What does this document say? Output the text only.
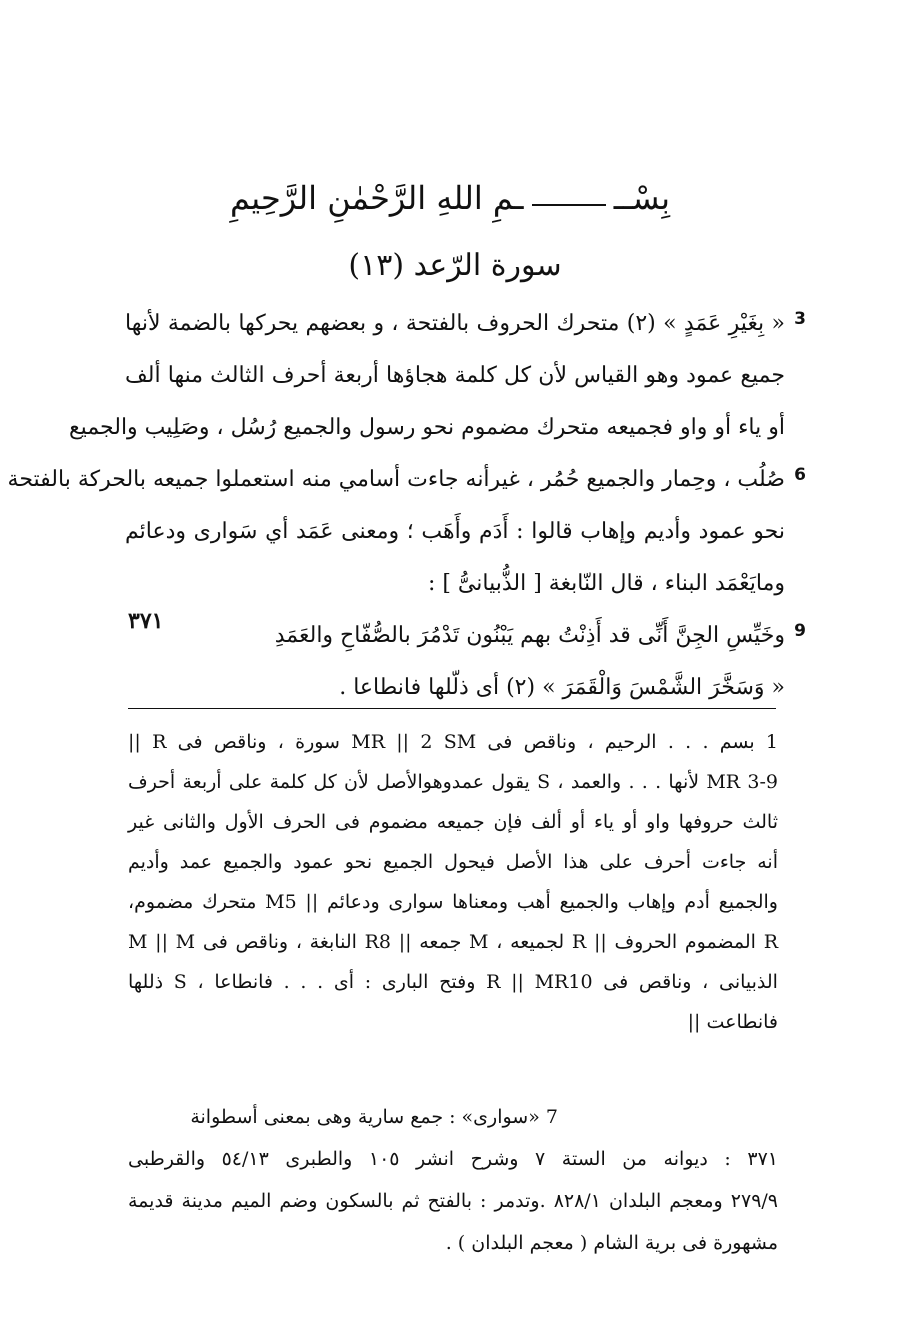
بِسْــ
ـمِ اللهِ الرَّحْمٰنِ الرَّحِيمِ
سورة الرّعد (١٣)
« بِغَيْرِ عَمَدٍ » (٢) متحرك الحروف بالفتحة ، و بعضهم يحركها بالضمة لأنها
جميع عمود وهو القياس لأن كل كلمة هجاؤها أربعة أحرف الثالث منها ألف
أو ياء أو واو فجميعه متحرك مضموم نحو رسول والجميع رُسُل ، وصَلِيب والجميع
صُلُب ، وحِمار والجميع حُمُر ، غيرأنه جاءت أسامي منه استعملوا جميعه بالحركة بالفتحة
نحو عمود وأديم وإهاب قالوا : أَدَم وأَهَب ؛ ومعنى عَمَد أي سَوارى ودعائم
ومايَعْمَد البناء ، قال النّابغة [ الذُّبيانىُّ ] :
وخَيِّسِ الجِنَّ أَنِّى قد أَذِنْتُ بهم يَبْنُون تَدْمُرَ بالصُّفّاحِ والعَمَدِ
« وَسَخَّرَ الشَّمْسَ وَالْقَمَرَ » (٢) أى ذلّلها فانطاعا .
3
6
9
٣٧١
1 بسم . . . الرحيم ، وناقص فى MR || 2 SM سورة ، وناقص فى R ||
3-9 MR لأنها . . . والعمد ، S يقول عمدوهوالأصل لأن كل كلمة على أربعة أحرف
ثالث حروفها واو أو ياء أو ألف فإن جميعه مضموم فى الحرف الأول والثانى غير
أنه جاءت أحرف على هذا الأصل فيحول الجميع نحو عمود والجميع عمد وأديم
والجميع أدم وإهاب والجميع أهب ومعناها سوارى ودعائم || M5 متحرك مضموم،
R المضموم الحروف || R لجميعه ، M جمعه || R8 النابغة ، وناقص فى M || M
الذبيانى ، وناقص فى R || MR10 وفتح البارى : أى . . . فانطاعا ، S ذللها
فانطاعت ||
7 «سوارى» : جمع سارية وهى بمعنى أسطوانة
٣٧١ : ديوانه من الستة ٧ وشرح انشر ١٠٥ والطبرى ٥٤/١٣ والقرطبى
٢٧٩/٩ ومعجم البلدان ٨٢٨/١ .وتدمر : بالفتح ثم بالسكون وضم الميم مدينة قديمة
مشهورة فى برية الشام ( معجم البلدان ) .
